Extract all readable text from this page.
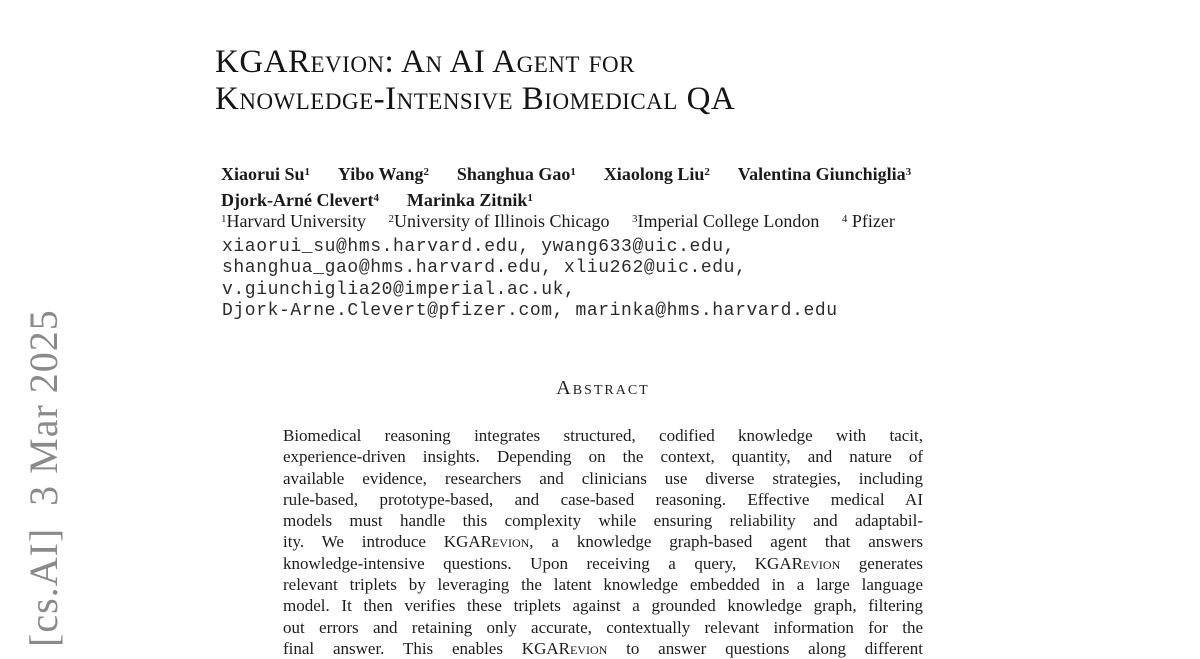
[cs.AI]  3 Mar 2025
KGARevion: An AI Agent for
Knowledge-Intensive Biomedical QA
Xiaorui Su$^1$ Yibo Wang$^2$ Shanghua Gao$^1$ Xiaolong Liu$^2$ Valentina Giunchiglia$^3$
Djork-Arné Clevert$^4$ Marinka Zitnik$^1$
$^1$Harvard University $^2$University of Illinois Chicago $^3$Imperial College London $^4$ Pfizer
xiaorui_su@hms.harvard.edu, ywang633@uic.edu,
shanghua_gao@hms.harvard.edu, xliu262@uic.edu,
v.giunchiglia20@imperial.ac.uk,
Djork-Arne.Clevert@pfizer.com, marinka@hms.harvard.edu
Abstract
Biomedical reasoning integrates structured, codified knowledge with tacit,
experience-driven insights. Depending on the context, quantity, and nature of
available evidence, researchers and clinicians use diverse strategies, including
rule-based, prototype-based, and case-based reasoning. Effective medical AI
models must handle this complexity while ensuring reliability and adaptabil-
ity. We introduce KGARevion, a knowledge graph-based agent that answers
knowledge-intensive questions. Upon receiving a query, KGARevion generates
relevant triplets by leveraging the latent knowledge embedded in a large language
model. It then verifies these triplets against a grounded knowledge graph, filtering
out errors and retaining only accurate, contextually relevant information for the
final answer. This enables KGARevion to answer questions along different
